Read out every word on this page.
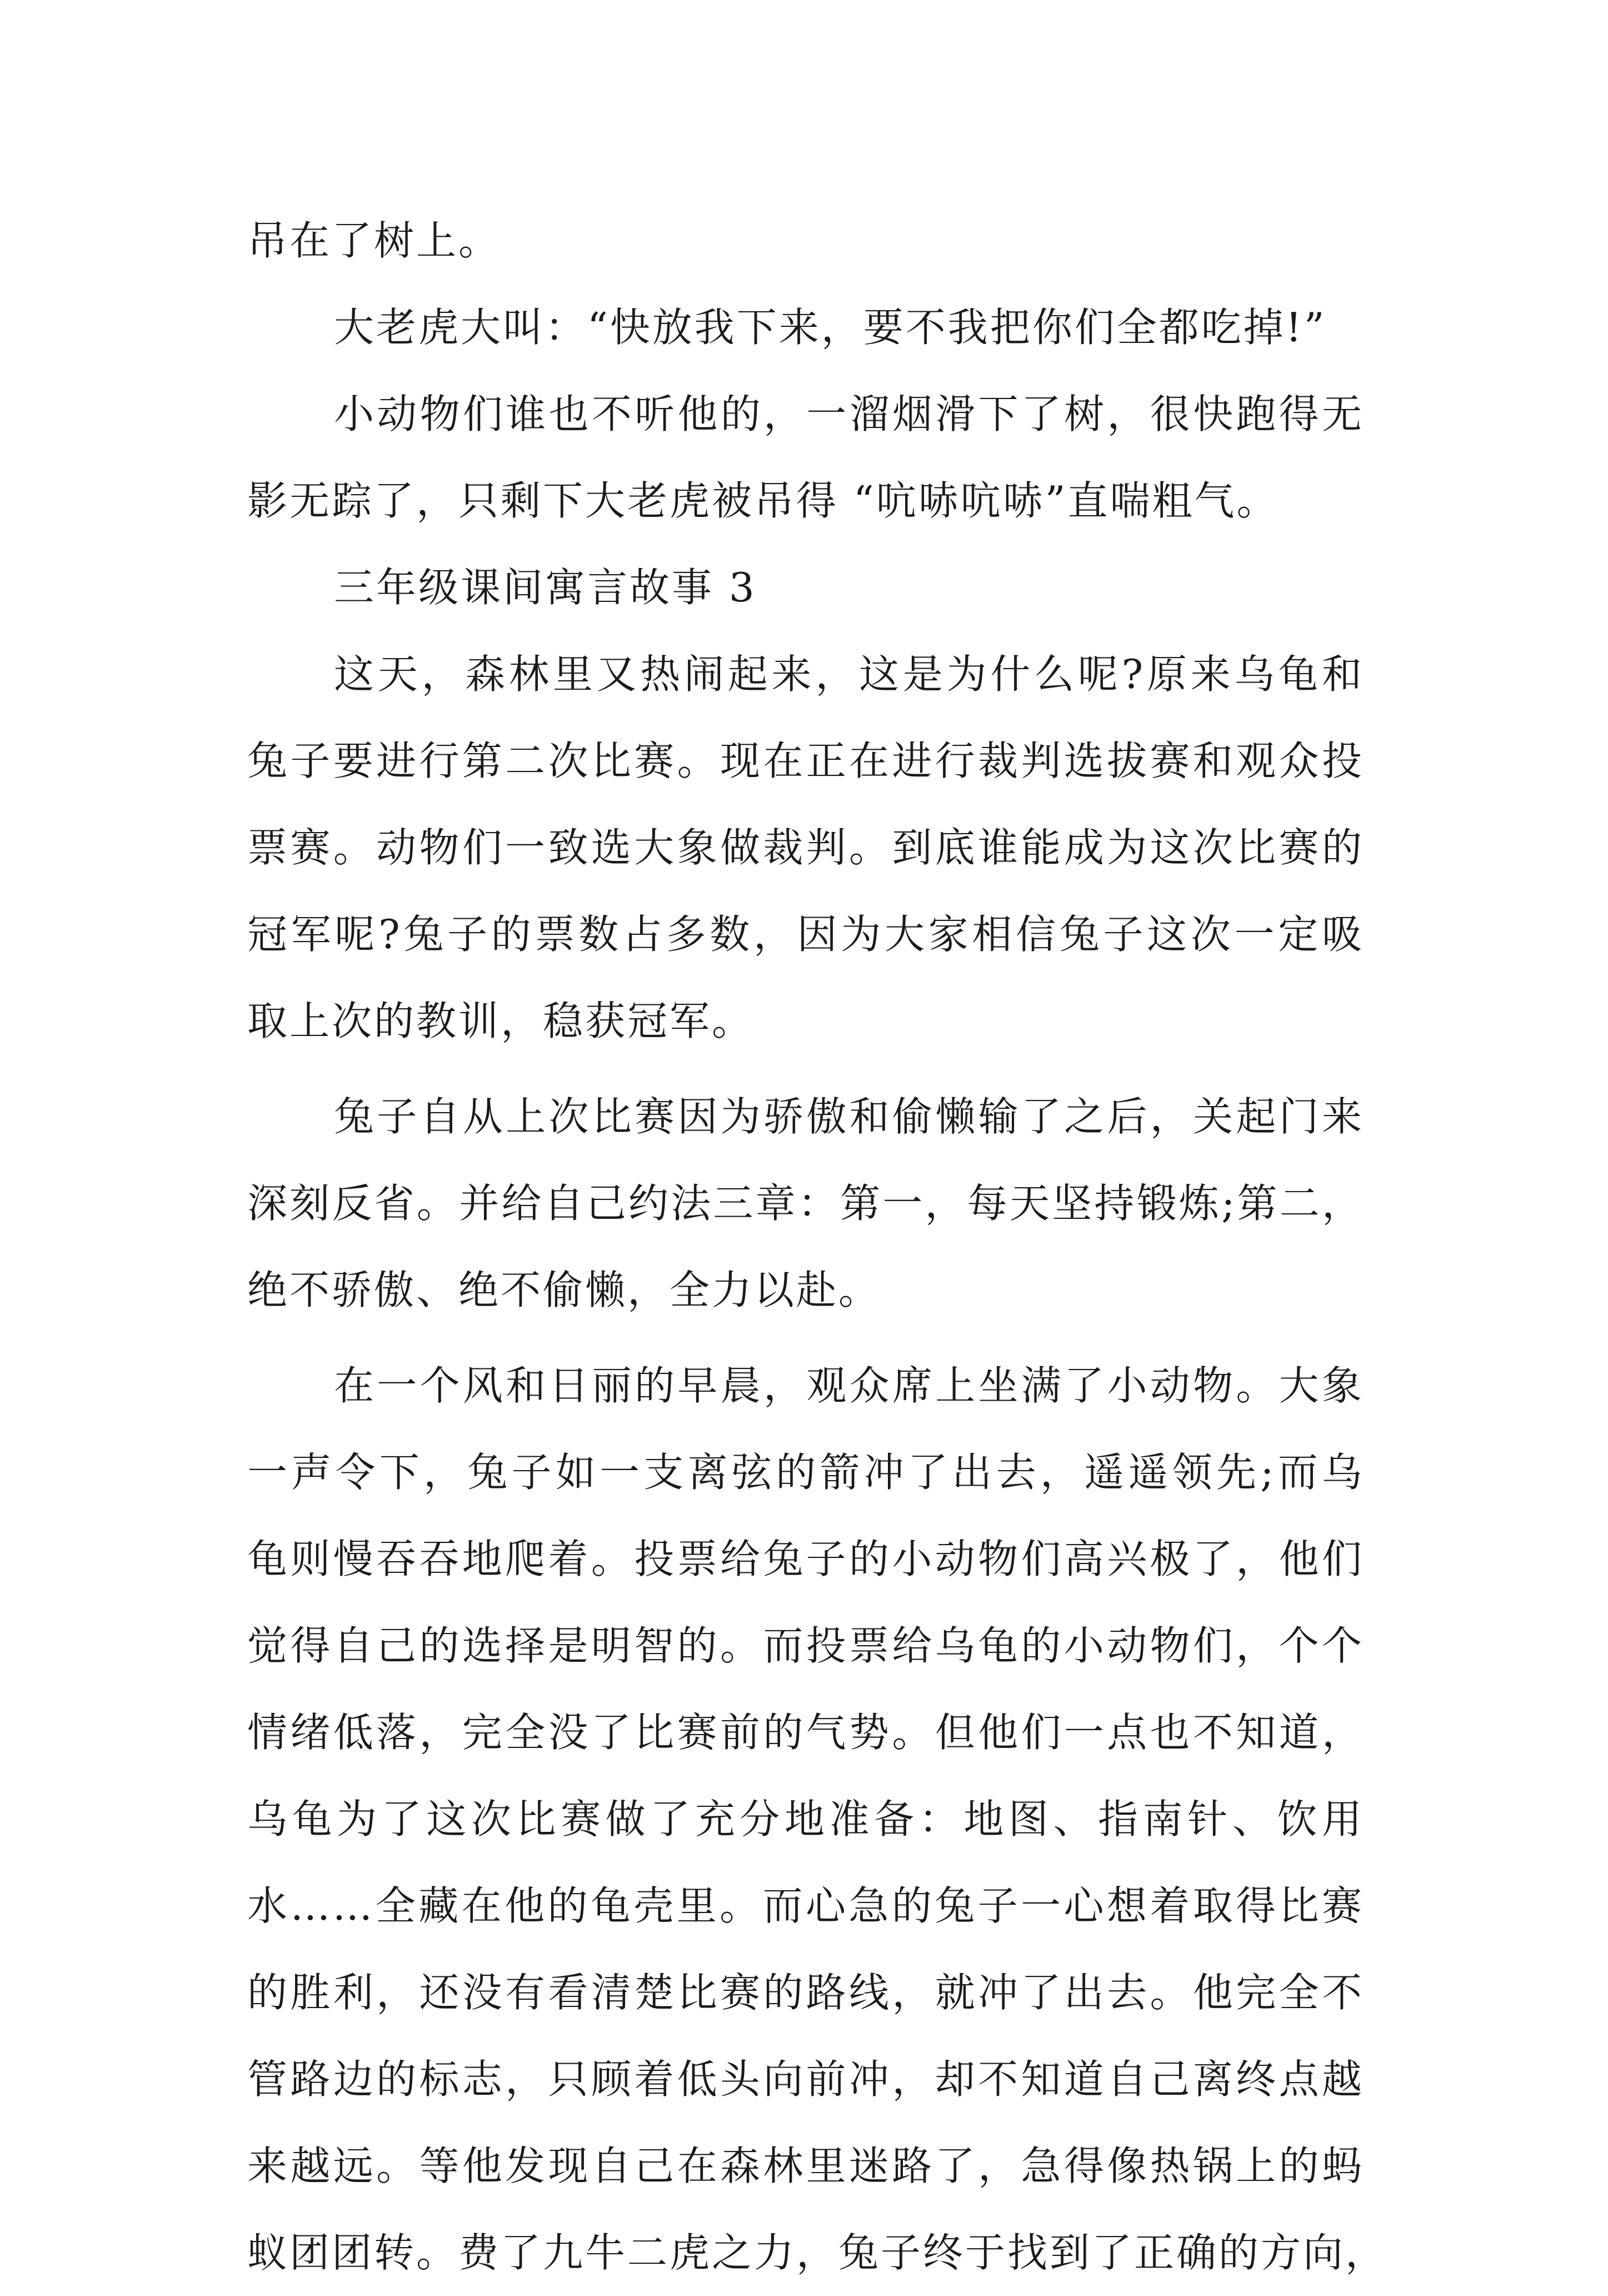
吊在了树上。
大老虎大叫：“快放我下来，要不我把你们全都吃掉!”
小动物们谁也不听他的，一溜烟滑下了树，很快跑得无
影无踪了，只剩下大老虎被吊得 “吭哧吭哧”直喘粗气。
三年级课间寓言故事 3
这天，森林里又热闹起来，这是为什么呢?原来乌龟和
兔子要进行第二次比赛。现在正在进行裁判选拔赛和观众投
票赛。动物们一致选大象做裁判。到底谁能成为这次比赛的
冠军呢?兔子的票数占多数，因为大家相信兔子这次一定吸
取上次的教训，稳获冠军。
兔子自从上次比赛因为骄傲和偷懒输了之后，关起门来
深刻反省。并给自己约法三章：第一，每天坚持锻炼;第二，
绝不骄傲、绝不偷懒，全力以赴。
在一个风和日丽的早晨，观众席上坐满了小动物。大象
一声令下，兔子如一支离弦的箭冲了出去，遥遥领先;而乌
龟则慢吞吞地爬着。投票给兔子的小动物们高兴极了，他们
觉得自己的选择是明智的。而投票给乌龟的小动物们，个个
情绪低落，完全没了比赛前的气势。但他们一点也不知道，
乌龟为了这次比赛做了充分地准备：地图、指南针、饮用
水……全藏在他的龟壳里。而心急的兔子一心想着取得比赛
的胜利，还没有看清楚比赛的路线，就冲了出去。他完全不
管路边的标志，只顾着低头向前冲，却不知道自己离终点越
来越远。等他发现自己在森林里迷路了，急得像热锅上的蚂
蚁团团转。费了九牛二虎之力，兔子终于找到了正确的方向，
